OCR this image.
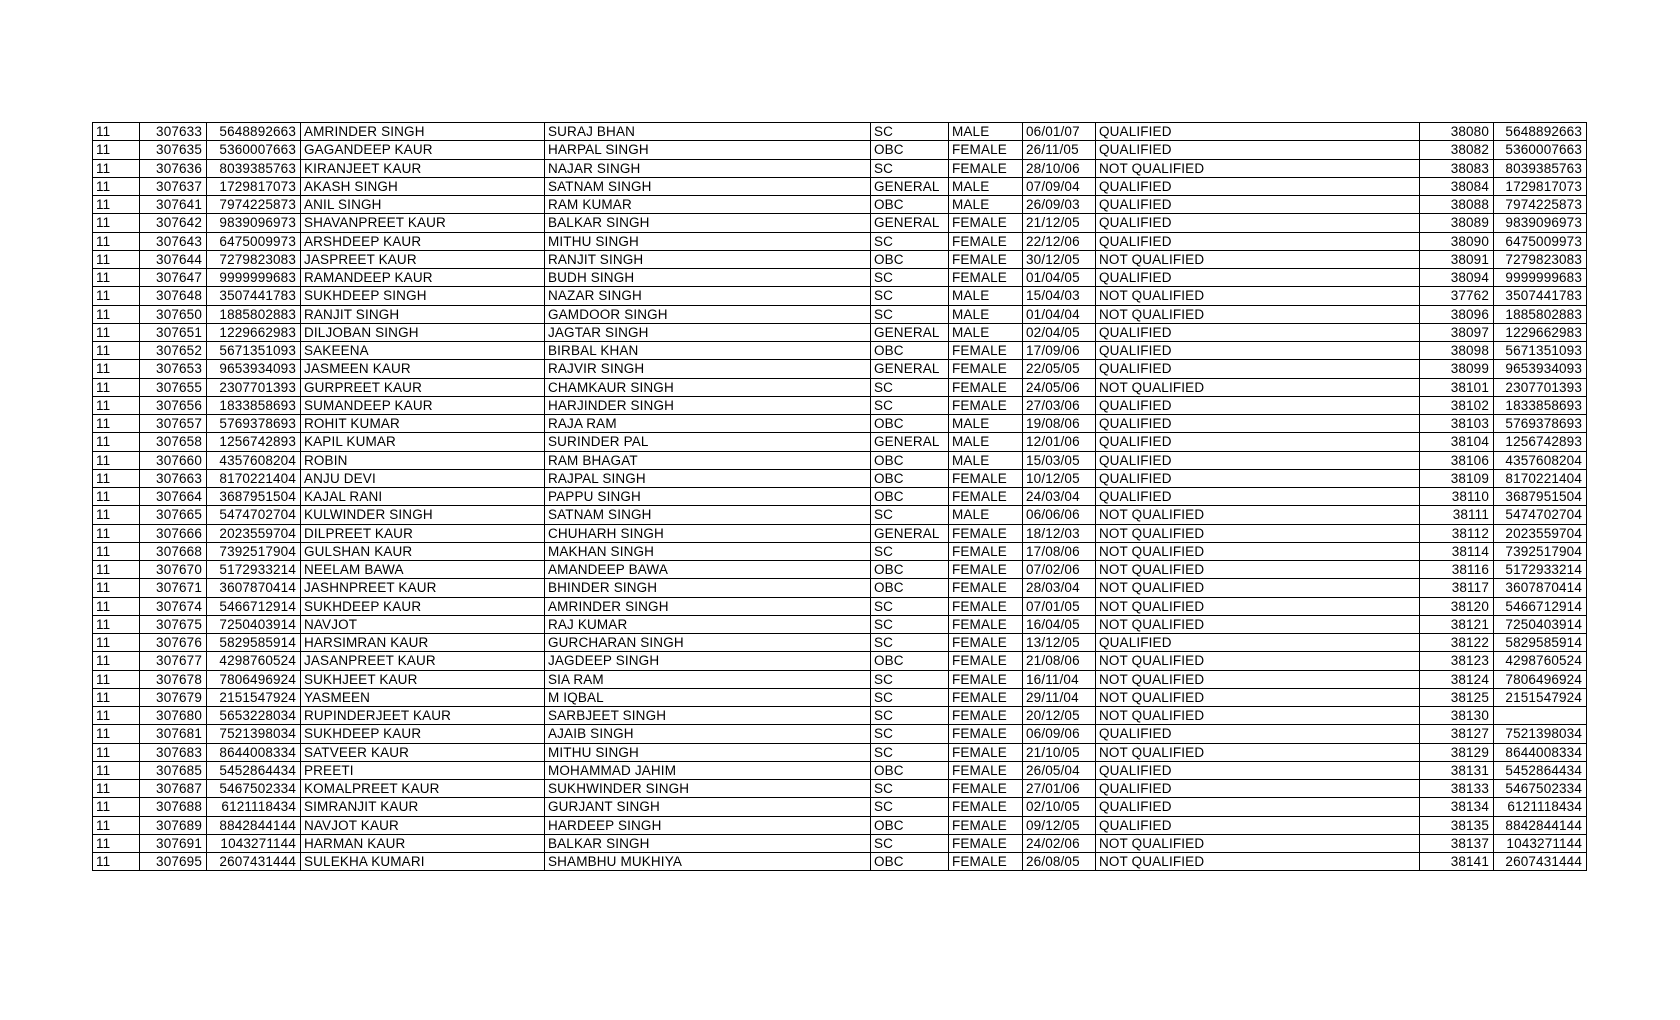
11	307633	5648892663	AMRINDER SINGH	SURAJ BHAN	SC	MALE	06/01/07	QUALIFIED	38080	5648892663
11	307635	5360007663	GAGANDEEP KAUR	HARPAL SINGH	OBC	FEMALE	26/11/05	QUALIFIED	38082	5360007663
11	307636	8039385763	KIRANJEET KAUR	NAJAR SINGH	SC	FEMALE	28/10/06	NOT QUALIFIED	38083	8039385763
11	307637	1729817073	AKASH SINGH	SATNAM SINGH	GENERAL	MALE	07/09/04	QUALIFIED	38084	1729817073
11	307641	7974225873	ANIL SINGH	RAM KUMAR	OBC	MALE	26/09/03	QUALIFIED	38088	7974225873
11	307642	9839096973	SHAVANPREET KAUR	BALKAR SINGH	GENERAL	FEMALE	21/12/05	QUALIFIED	38089	9839096973
11	307643	6475009973	ARSHDEEP KAUR	MITHU SINGH	SC	FEMALE	22/12/06	QUALIFIED	38090	6475009973
11	307644	7279823083	JASPREET KAUR	RANJIT SINGH	OBC	FEMALE	30/12/05	NOT QUALIFIED	38091	7279823083
11	307647	9999999683	RAMANDEEP KAUR	BUDH SINGH	SC	FEMALE	01/04/05	QUALIFIED	38094	9999999683
11	307648	3507441783	SUKHDEEP SINGH	NAZAR SINGH	SC	MALE	15/04/03	NOT QUALIFIED	37762	3507441783
11	307650	1885802883	RANJIT SINGH	GAMDOOR SINGH	SC	MALE	01/04/04	NOT QUALIFIED	38096	1885802883
11	307651	1229662983	DILJOBAN SINGH	JAGTAR SINGH	GENERAL	MALE	02/04/05	QUALIFIED	38097	1229662983
11	307652	5671351093	SAKEENA	BIRBAL KHAN	OBC	FEMALE	17/09/06	QUALIFIED	38098	5671351093
11	307653	9653934093	JASMEEN KAUR	RAJVIR SINGH	GENERAL	FEMALE	22/05/05	QUALIFIED	38099	9653934093
11	307655	2307701393	GURPREET KAUR	CHAMKAUR SINGH	SC	FEMALE	24/05/06	NOT QUALIFIED	38101	2307701393
11	307656	1833858693	SUMANDEEP KAUR	HARJINDER SINGH	SC	FEMALE	27/03/06	QUALIFIED	38102	1833858693
11	307657	5769378693	ROHIT KUMAR	RAJA RAM	OBC	MALE	19/08/06	QUALIFIED	38103	5769378693
11	307658	1256742893	KAPIL KUMAR	SURINDER PAL	GENERAL	MALE	12/01/06	QUALIFIED	38104	1256742893
11	307660	4357608204	ROBIN	RAM BHAGAT	OBC	MALE	15/03/05	QUALIFIED	38106	4357608204
11	307663	8170221404	ANJU DEVI	RAJPAL SINGH	OBC	FEMALE	10/12/05	QUALIFIED	38109	8170221404
11	307664	3687951504	KAJAL RANI	PAPPU SINGH	OBC	FEMALE	24/03/04	QUALIFIED	38110	3687951504
11	307665	5474702704	KULWINDER SINGH	SATNAM SINGH	SC	MALE	06/06/06	NOT QUALIFIED	38111	5474702704
11	307666	2023559704	DILPREET KAUR	CHUHARH SINGH	GENERAL	FEMALE	18/12/03	NOT QUALIFIED	38112	2023559704
11	307668	7392517904	GULSHAN KAUR	MAKHAN SINGH	SC	FEMALE	17/08/06	NOT QUALIFIED	38114	7392517904
11	307670	5172933214	NEELAM BAWA	AMANDEEP BAWA	OBC	FEMALE	07/02/06	NOT QUALIFIED	38116	5172933214
11	307671	3607870414	JASHNPREET KAUR	BHINDER SINGH	OBC	FEMALE	28/03/04	NOT QUALIFIED	38117	3607870414
11	307674	5466712914	SUKHDEEP KAUR	AMRINDER SINGH	SC	FEMALE	07/01/05	NOT QUALIFIED	38120	5466712914
11	307675	7250403914	NAVJOT	RAJ KUMAR	SC	FEMALE	16/04/05	NOT QUALIFIED	38121	7250403914
11	307676	5829585914	HARSIMRAN KAUR	GURCHARAN SINGH	SC	FEMALE	13/12/05	QUALIFIED	38122	5829585914
11	307677	4298760524	JASANPREET KAUR	JAGDEEP SINGH	OBC	FEMALE	21/08/06	NOT QUALIFIED	38123	4298760524
11	307678	7806496924	SUKHJEET KAUR	SIA RAM	SC	FEMALE	16/11/04	NOT QUALIFIED	38124	7806496924
11	307679	2151547924	YASMEEN	M IQBAL	SC	FEMALE	29/11/04	NOT QUALIFIED	38125	2151547924
11	307680	5653228034	RUPINDERJEET KAUR	SARBJEET SINGH	SC	FEMALE	20/12/05	NOT QUALIFIED	38130	
11	307681	7521398034	SUKHDEEP KAUR	AJAIB SINGH	SC	FEMALE	06/09/06	QUALIFIED	38127	7521398034
11	307683	8644008334	SATVEER KAUR	MITHU SINGH	SC	FEMALE	21/10/05	NOT QUALIFIED	38129	8644008334
11	307685	5452864434	PREETI	MOHAMMAD JAHIM	OBC	FEMALE	26/05/04	QUALIFIED	38131	5452864434
11	307687	5467502334	KOMALPREET KAUR	SUKHWINDER SINGH	SC	FEMALE	27/01/06	QUALIFIED	38133	5467502334
11	307688	6121118434	SIMRANJIT KAUR	GURJANT SINGH	SC	FEMALE	02/10/05	QUALIFIED	38134	6121118434
11	307689	8842844144	NAVJOT KAUR	HARDEEP SINGH	OBC	FEMALE	09/12/05	QUALIFIED	38135	8842844144
11	307691	1043271144	HARMAN KAUR	BALKAR SINGH	SC	FEMALE	24/02/06	NOT QUALIFIED	38137	1043271144
11	307695	2607431444	SULEKHA KUMARI	SHAMBHU MUKHIYA	OBC	FEMALE	26/08/05	NOT QUALIFIED	38141	2607431444
